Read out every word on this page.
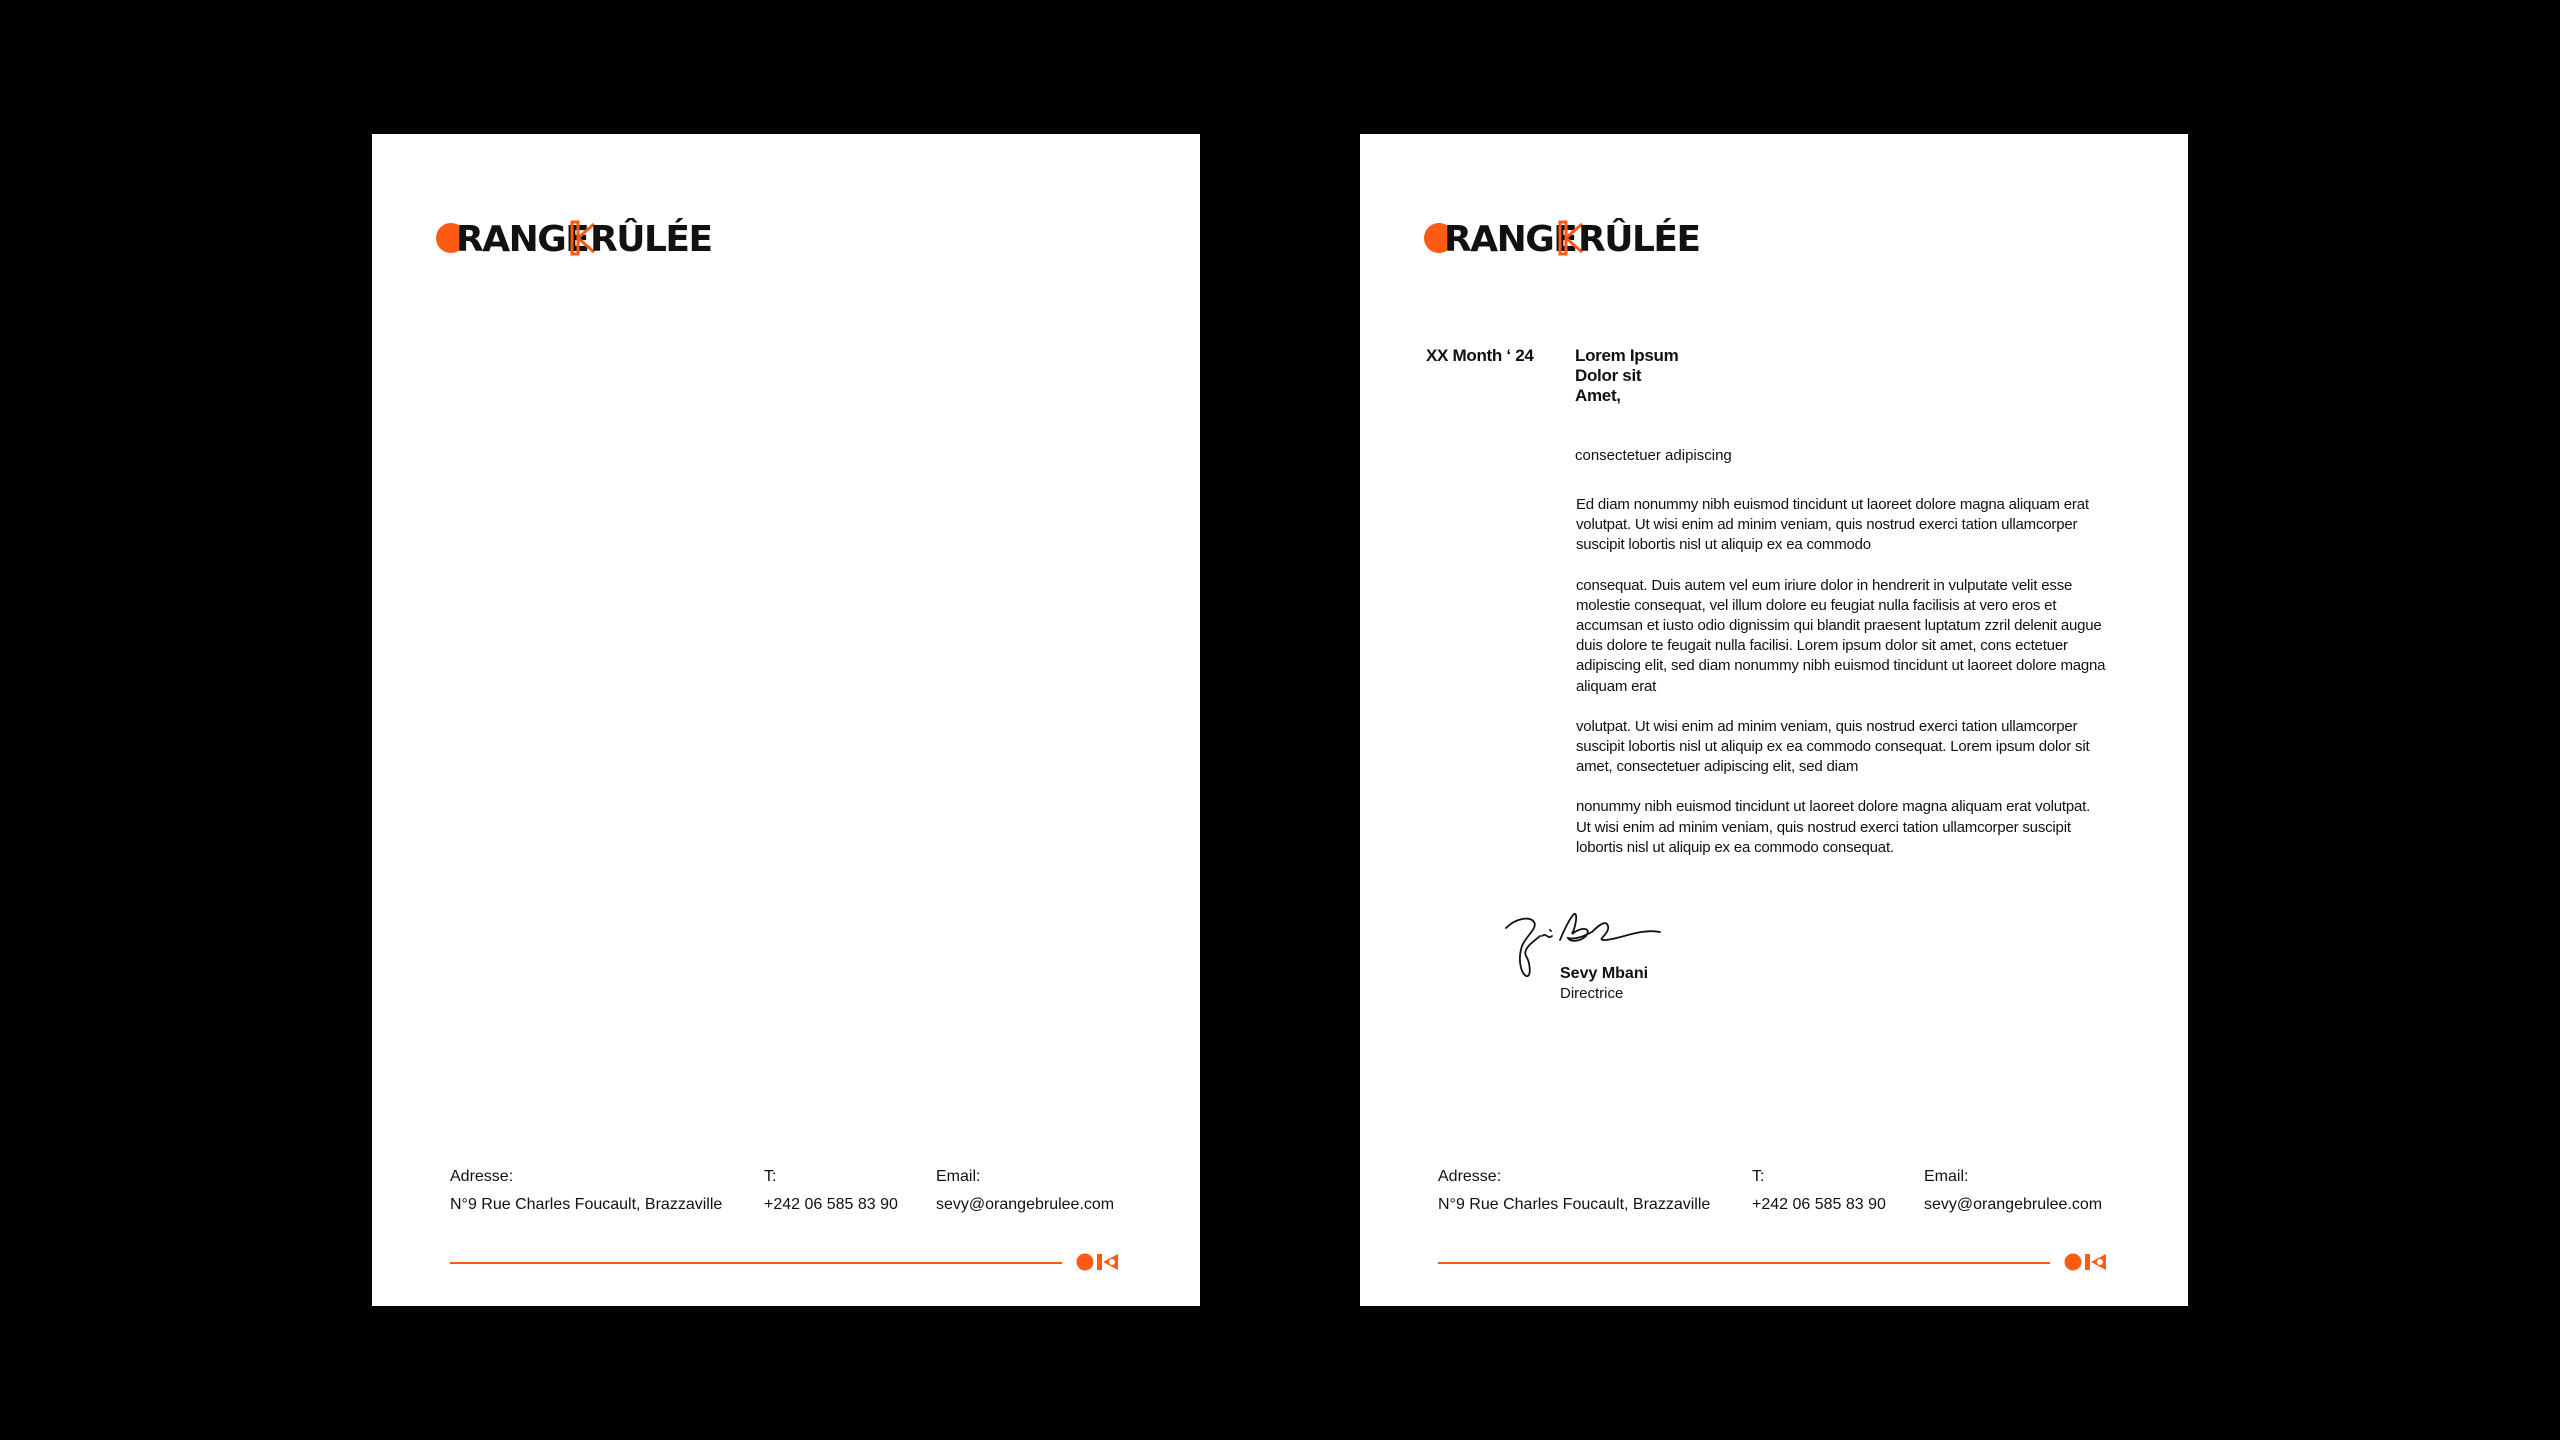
RANGE RÛLÉE
Adresse:
N°9 Rue Charles Foucault, Brazzaville
T:
+242 06 585 83 90
Email:
sevy@orangebrulee.com
RANGE RÛLÉE
XX Month ‘ 24 Lorem Ipsum
Dolor sit
Amet,
consectetuer adipiscing

Ed diam nonummy nibh euismod tincidunt ut laoreet dolore magna aliquam erat volutpat. Ut wisi enim ad minim veniam, quis nostrud exerci tation ullamcorper suscipit lobortis nisl ut aliquip ex ea commodo

consequat. Duis autem vel eum iriure dolor in hendrerit in vulputate velit esse molestie consequat, vel illum dolore eu feugiat nulla facilisis at vero eros et accumsan et iusto odio dignissim qui blandit praesent luptatum zzril delenit augue duis dolore te feugait nulla facilisi. Lorem ipsum dolor sit amet, cons ectetuer adipiscing elit, sed diam nonummy nibh euismod tincidunt ut laoreet dolore magna aliquam erat

volutpat. Ut wisi enim ad minim veniam, quis nostrud exerci tation ullamcorper suscipit lobortis nisl ut aliquip ex ea commodo consequat. Lorem ipsum dolor sit amet, consectetuer adipiscing elit, sed diam

nonummy nibh euismod tincidunt ut laoreet dolore magna aliquam erat volutpat. Ut wisi enim ad minim veniam, quis nostrud exerci tation ullamcorper suscipit lobortis nisl ut aliquip ex ea commodo consequat.

Sevy Mbani
Directrice
Adresse:
N°9 Rue Charles Foucault, Brazzaville
T:
+242 06 585 83 90
Email:
sevy@orangebrulee.com
